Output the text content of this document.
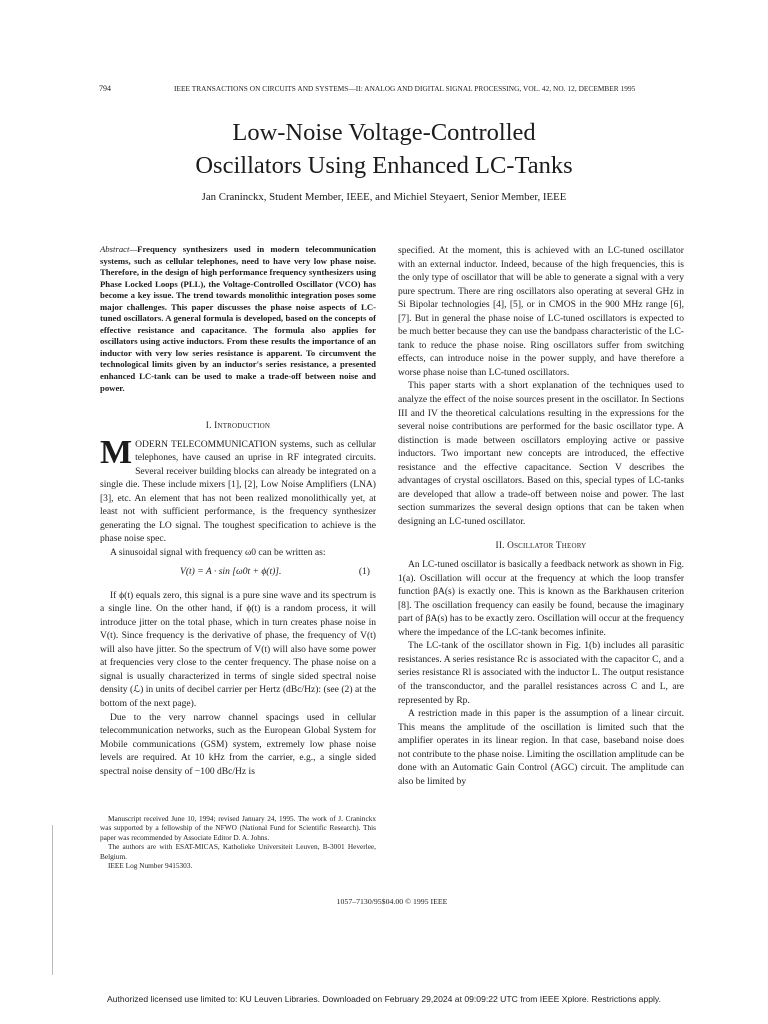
794	IEEE TRANSACTIONS ON CIRCUITS AND SYSTEMS—II: ANALOG AND DIGITAL SIGNAL PROCESSING, VOL. 42, NO. 12, DECEMBER 1995
Low-Noise Voltage-Controlled
Oscillators Using Enhanced LC-Tanks
Jan Craninckx, Student Member, IEEE, and Michiel Steyaert, Senior Member, IEEE

Abstract—Frequency synthesizers used in modern telecommunication systems, such as cellular telephones, need to have very low phase noise. Therefore, in the design of high performance frequency synthesizers using Phase Locked Loops (PLL), the Voltage-Controlled Oscillator (VCO) has become a key issue. The trend towards monolithic integration poses some major challenges. This paper discusses the phase noise aspects of LC-tuned oscillators. A general formula is developed, based on the concepts of effective resistance and capacitance. The formula also applies for oscillators using active inductors. From these results the importance of an inductor with very low series resistance is apparent. To circumvent the technological limits given by an inductor's series resistance, a presented enhanced LC-tank can be used to make a trade-off between noise and power.

I. Introduction

MODERN TELECOMMUNICATION systems, such as cellular telephones, have caused an uprise in RF integrated circuits. Several receiver building blocks can already be integrated on a single die. These include mixers [1], [2], Low Noise Amplifiers (LNA) [3], etc. An element that has not been realized monolithically yet, at least not with sufficient performance, is the frequency synthesizer generating the LO signal. The toughest specification to achieve is the phase noise spec.

A sinusoidal signal with frequency ω0 can be written as:

V(t) = A · sin [ω0t + ϕ(t)].	(1)

If ϕ(t) equals zero, this signal is a pure sine wave and its spectrum is a single line. On the other hand, if ϕ(t) is a random process, it will introduce jitter on the total phase, which in turn creates phase noise in V(t). Since frequency is the derivative of phase, the frequency of V(t) will also have jitter. So the spectrum of V(t) will also have some power at frequencies very close to the center frequency. The phase noise on a signal is usually characterized in terms of single sided spectral noise density (ℒ) in units of decibel carrier per Hertz (dBc/Hz): (see (2) at the bottom of the next page).

Due to the very narrow channel spacings used in cellular telecommunication networks, such as the European Global System for Mobile communications (GSM) system, extremely low phase noise levels are required. At 10 kHz from the carrier, e.g., a single sided spectral noise density of −100 dBc/Hz is

Manuscript received June 10, 1994; revised January 24, 1995. The work of J. Craninckx was supported by a fellowship of the NFWO (National Fund for Scientific Research). This paper was recommended by Associate Editor D. A. Johns.

The authors are with ESAT-MICAS, Katholieke Universiteit Leuven, B-3001 Heverlee, Belgium.

IEEE Log Number 9415303.

specified. At the moment, this is achieved with an LC-tuned oscillator with an external inductor. Indeed, because of the high frequencies, this is the only type of oscillator that will be able to generate a signal with a very pure spectrum. There are ring oscillators also operating at several GHz in Si Bipolar technologies [4], [5], or in CMOS in the 900 MHz range [6], [7]. But in general the phase noise of LC-tuned oscillators is expected to be much better because they can use the bandpass characteristic of the LC-tank to reduce the phase noise. Ring oscillators suffer from switching effects, can introduce noise in the power supply, and have therefore a worse phase noise than LC-tuned oscillators.

This paper starts with a short explanation of the techniques used to analyze the effect of the noise sources present in the oscillator. In Sections III and IV the theoretical calculations resulting in the expressions for the several noise contributions are performed for the basic oscillator type. A distinction is made between oscillators employing active or passive inductors. Two important new concepts are introduced, the effective resistance and the effective capacitance. Section V describes the advantages of crystal oscillators. Based on this, special types of LC-tanks are developed that allow a trade-off between noise and power. The last section summarizes the several design options that can be taken when designing an LC-tuned oscillator.

II. Oscillator Theory

An LC-tuned oscillator is basically a feedback network as shown in Fig. 1(a). Oscillation will occur at the frequency at which the loop transfer function βA(s) is exactly one. This is known as the Barkhausen criterion [8]. The oscillation frequency can easily be found, because the imaginary part of βA(s) has to be exactly zero. Oscillation will occur at the frequency where the impedance of the LC-tank becomes infinite.

The LC-tank of the oscillator shown in Fig. 1(b) includes all parasitic resistances. A series resistance Rc is associated with the capacitor C, and a series resistance Rl is associated with the inductor L. The output resistance of the transconductor, and the parallel resistances across C and L, are represented by Rp.

A restriction made in this paper is the assumption of a linear circuit. This means the amplitude of the oscillation is limited such that the amplifier operates in its linear region. In that case, baseband noise does not contribute to the phase noise. Limiting the oscillation amplitude can be done with an Automatic Gain Control (AGC) circuit. The amplitude can also be limited by

1057–7130/95$04.00 © 1995 IEEE
Authorized licensed use limited to: KU Leuven Libraries. Downloaded on February 29,2024 at 09:09:22 UTC from IEEE Xplore. Restrictions apply.
